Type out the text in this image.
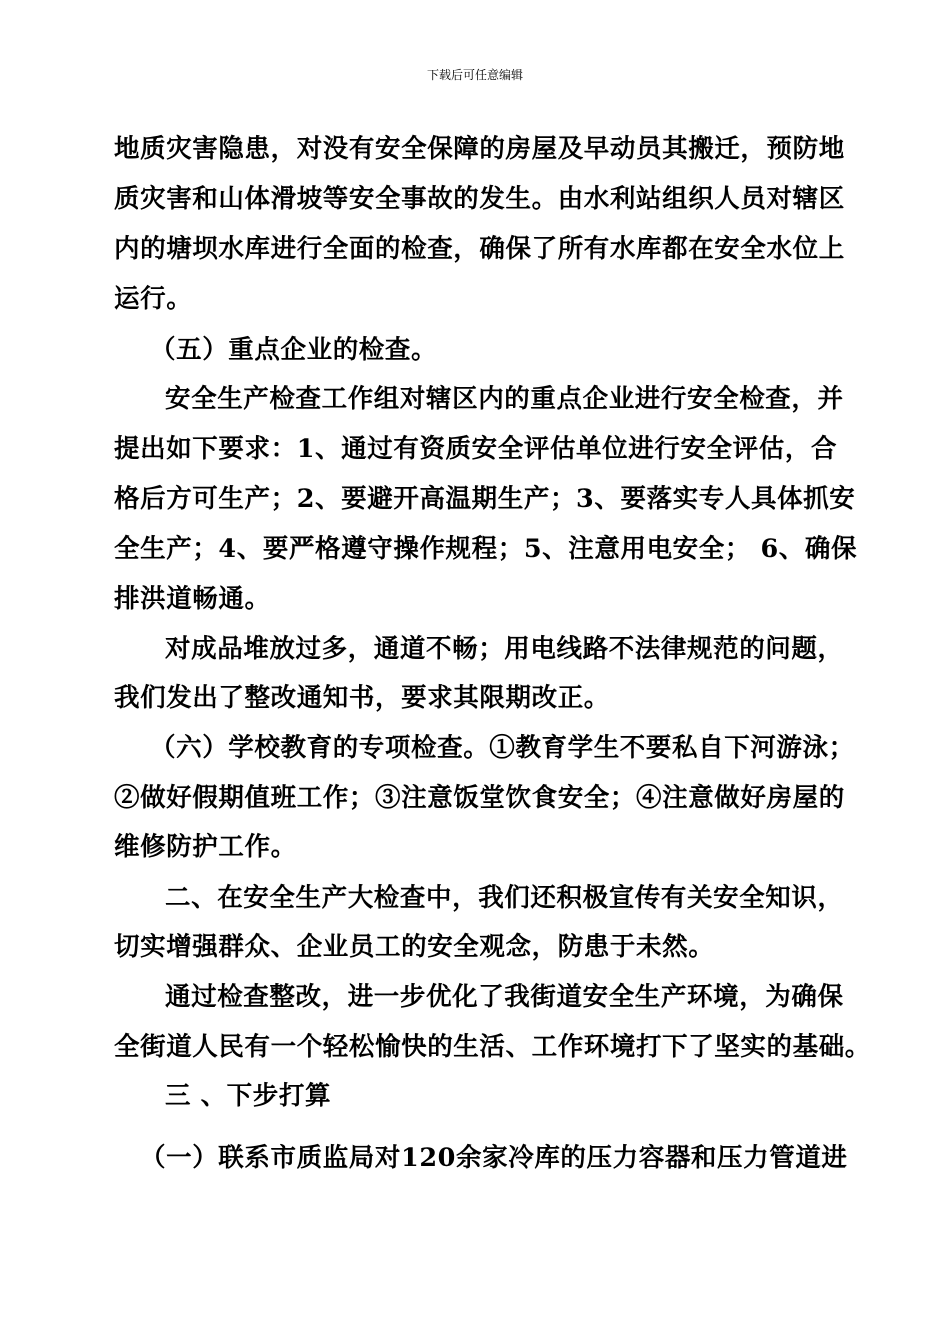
下载后可任意编辑
地质灾害隐患，对没有安全保障的房屋及早动员其搬迁，预防地
质灾害和山体滑坡等安全事故的发生。由水利站组织人员对辖区
内的塘坝水库进行全面的检查，确保了所有水库都在安全水位上
运行。
（五）重点企业的检查。
安全生产检查工作组对辖区内的重点企业进行安全检查，并
提出如下要求：1、通过有资质安全评估单位进行安全评估，合
格后方可生产；2、要避开高温期生产；3、要落实专人具体抓安
全生产；4、要严格遵守操作规程；5、注意用电安全； 6、确保
排洪道畅通。
对成品堆放过多，通道不畅；用电线路不法律规范的问题，
我们发出了整改通知书，要求其限期改正。
（六）学校教育的专项检查。①教育学生不要私自下河游泳；
②做好假期值班工作；③注意饭堂饮食安全；④注意做好房屋的
维修防护工作。
二、在安全生产大检查中，我们还积极宣传有关安全知识，
切实增强群众、企业员工的安全观念，防患于未然。
通过检查整改，进一步优化了我街道安全生产环境，为确保
全街道人民有一个轻松愉快的生活、工作环境打下了坚实的基础。
三 、下步打算
（一）联系市质监局对120余家冷库的压力容器和压力管道进
